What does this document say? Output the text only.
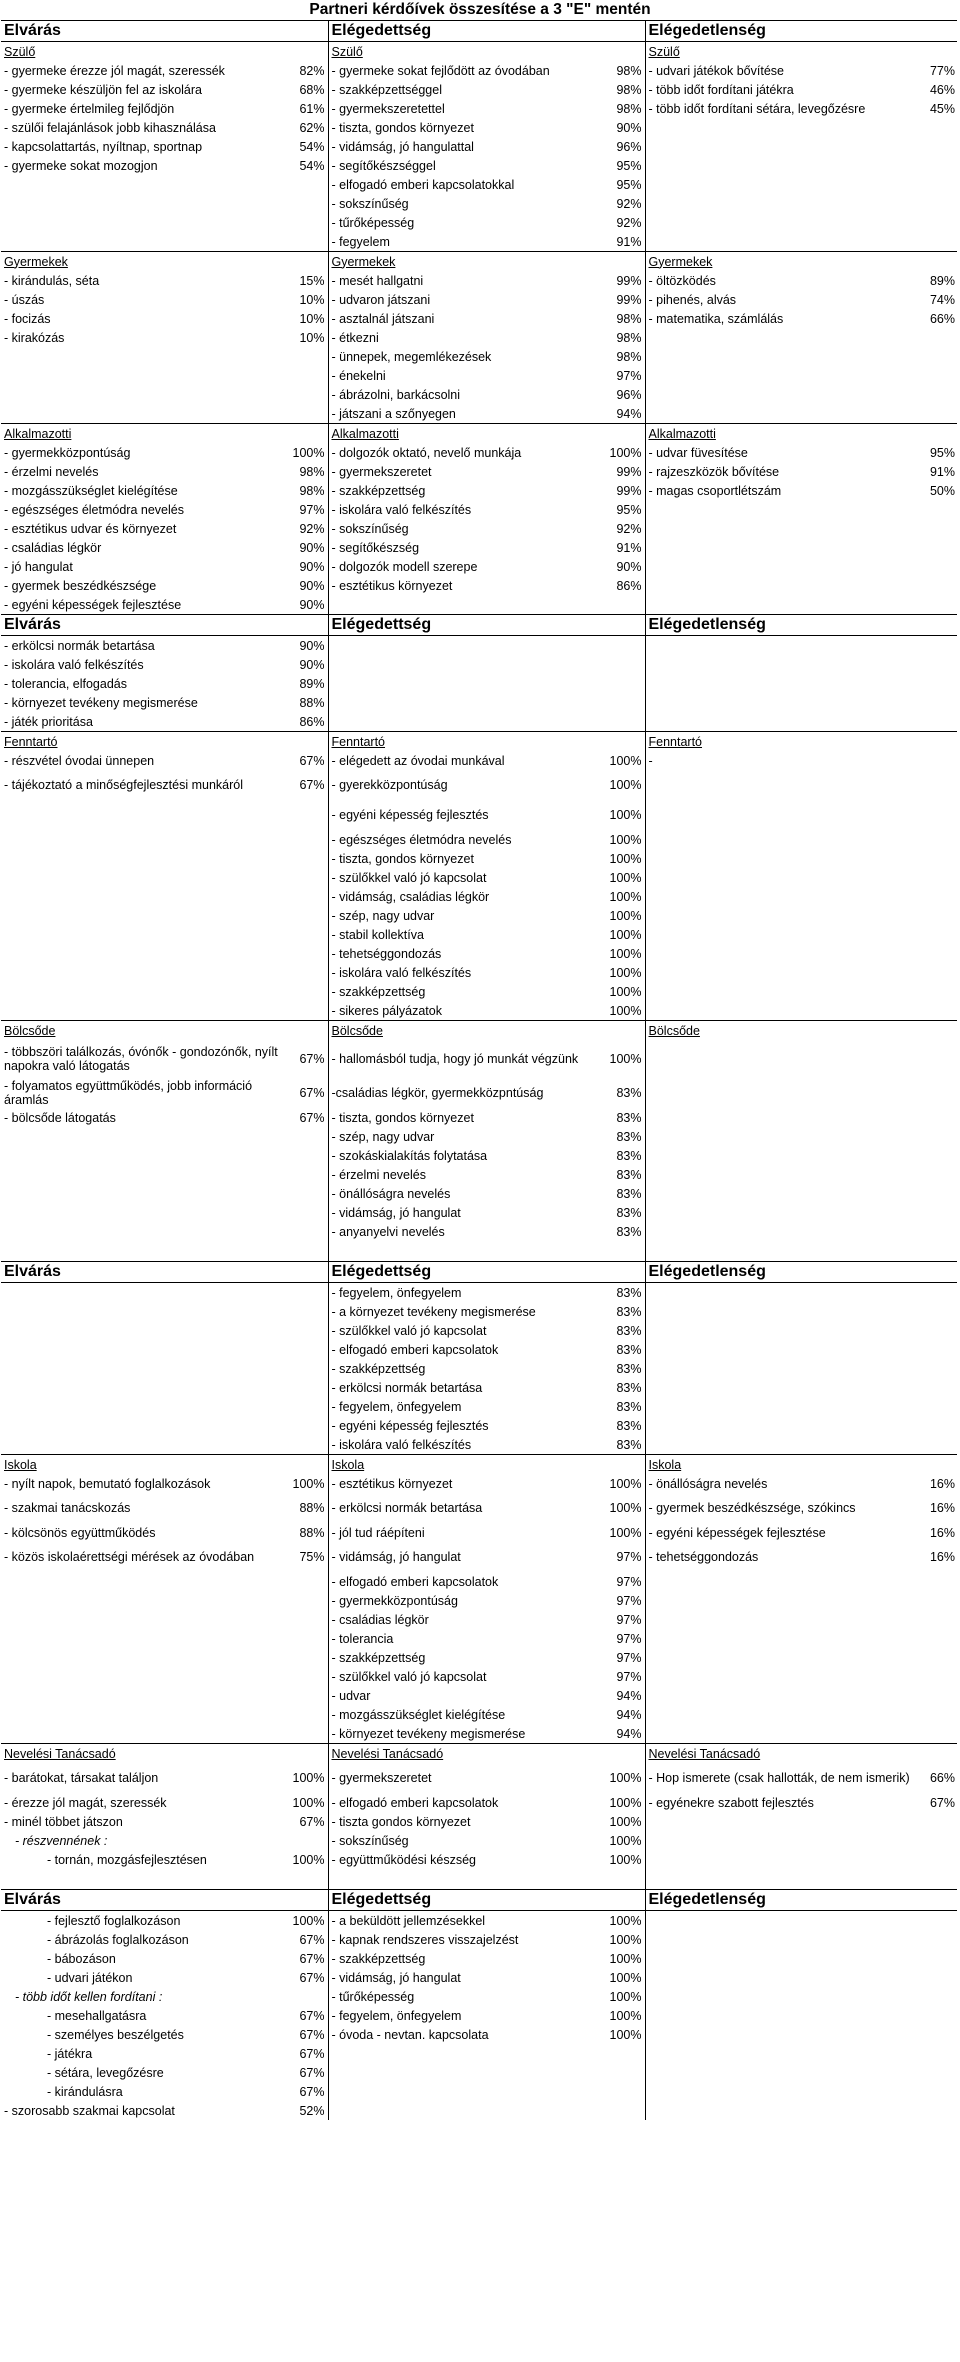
Partneri kérdőívek összesítése a 3 "E" mentén
Elvárás		Elégedettség		Elégedetlenség	
Szülő		Szülő		Szülő	
- gyermeke érezze jól magát, szeressék	82%	- gyermeke sokat fejlődött az óvodában	98%	- udvari játékok bővítése	77%
- gyermeke készüljön fel az iskolára	68%	- szakképzettséggel	98%	- több időt fordítani játékra	46%
- gyermeke értelmileg fejlődjön	61%	- gyermekszeretettel	98%	- több időt fordítani sétára, levegőzésre	45%
- szülői felajánlások jobb kihasználása	62%	- tiszta, gondos környezet	90%		
- kapcsolattartás, nyíltnap, sportnap	54%	- vidámság, jó hangulattal	96%		
- gyermeke sokat mozogjon	54%	- segítőkészséggel	95%		
		- elfogadó emberi kapcsolatokkal	95%		
		- sokszínűség	92%		
		- tűrőképesség	92%		
		- fegyelem	91%		
Gyermekek		Gyermekek		Gyermekek	
- kirándulás, séta	15%	- mesét hallgatni	99%	- öltözködés	89%
- úszás	10%	- udvaron játszani	99%	- pihenés, alvás	74%
- focizás	10%	- asztalnál játszani	98%	- matematika, számlálás	66%
- kirakózás	10%	- étkezni	98%		
		- ünnepek, megemlékezések	98%		
		- énekelni	97%		
		- ábrázolni, barkácsolni	96%		
		- játszani a szőnyegen	94%		
Alkalmazotti		Alkalmazotti		Alkalmazotti	
- gyermekközpontúság	100%	- dolgozók oktató, nevelő munkája	100%	- udvar füvesítése	95%
- érzelmi nevelés	98%	- gyermekszeretet	99%	- rajzeszközök bővítése	91%
- mozgásszükséglet kielégítése	98%	- szakképzettség	99%	- magas csoportlétszám	50%
- egészséges életmódra nevelés	97%	- iskolára való felkészítés	95%		
- esztétikus udvar és környezet	92%	- sokszínűség	92%		
- családias légkör	90%	- segítőkészség	91%		
- jó hangulat	90%	- dolgozók modell szerepe	90%		
- gyermek beszédkészsége	90%	- esztétikus környezet	86%		
- egyéni képességek fejlesztése	90%				
Elvárás		Elégedettség		Elégedetlenség	
- erkölcsi normák betartása	90%				
- iskolára való felkészítés	90%				
- tolerancia, elfogadás	89%				
- környezet tevékeny megismerése	88%				
- játék prioritása	86%				
Fenntartó		Fenntartó		Fenntartó	
- részvétel óvodai ünnepen	67%	- elégedett az óvodai munkával	100%	-	
- tájékoztató a minőségfejlesztési munkáról	67%	- gyerekközpontúság	100%		
		- egyéni képesség fejlesztés	100%		
		- egészséges életmódra nevelés	100%		
		- tiszta, gondos környezet	100%		
		- szülőkkel való jó kapcsolat	100%		
		- vidámság, családias légkör	100%		
		- szép, nagy udvar	100%		
		- stabil kollektíva	100%		
		- tehetséggondozás	100%		
		- iskolára való felkészítés	100%		
		- szakképzettség	100%		
		- sikeres pályázatok	100%		
Bölcsőde		Bölcsőde		Bölcsőde	
- többszöri találkozás, óvónők - gondozónők, nyílt napokra való látogatás	67%	- hallomásból tudja, hogy jó munkát végzünk	100%		
- folyamatos együttműködés, jobb információ áramlás	67%	-családias légkör, gyermekközpntúság	83%		
- bölcsőde látogatás	67%	- tiszta, gondos környezet	83%		
		- szép, nagy udvar	83%		
		- szokáskialakítás folytatása	83%		
		- érzelmi nevelés	83%		
		- önállóságra nevelés	83%		
		- vidámság, jó hangulat	83%		
		- anyanyelvi nevelés	83%		

Elvárás		Elégedettség		Elégedetlenség	
		- fegyelem, önfegyelem	83%		
		- a környezet tevékeny megismerése	83%		
		- szülőkkel való jó kapcsolat	83%		
		- elfogadó emberi kapcsolatok	83%		
		- szakképzettség	83%		
		- erkölcsi normák betartása	83%		
		- fegyelem, önfegyelem	83%		
		- egyéni képesség fejlesztés	83%		
		- iskolára való felkészítés	83%		
Iskola		Iskola		Iskola	
- nyílt napok, bemutató foglalkozások	100%	- esztétikus környezet	100%	- önállóságra nevelés	16%
- szakmai tanácskozás	88%	- erkölcsi normák betartása	100%	- gyermek beszédkészsége, szókincs	16%
- kölcsönös együttműködés	88%	- jól tud ráépíteni	100%	- egyéni képességek fejlesztése	16%
- közös iskolaérettségi mérések az óvodában	75%	- vidámság, jó hangulat	97%	- tehetséggondozás	16%
		- elfogadó emberi kapcsolatok	97%		
		- gyermekközpontúság	97%		
		- családias légkör	97%		
		- tolerancia	97%		
		- szakképzettség	97%		
		- szülőkkel való jó kapcsolat	97%		
		- udvar	94%		
		- mozgásszükséglet kielégítése	94%		
		- környezet tevékeny megismerése	94%		
Nevelési Tanácsadó		Nevelési Tanácsadó		Nevelési Tanácsadó	
- barátokat, társakat találjon	100%	- gyermekszeretet	100%	- Hop ismerete (csak hallották, de nem ismerik)	66%
- érezze jól magát, szeressék	100%	- elfogadó emberi kapcsolatok	100%	- egyénekre szabott fejlesztés	67%
- minél többet játszon	67%	- tiszta gondos környezet	100%		
- részvennének :		- sokszínűség	100%		
- tornán, mozgásfejlesztésen	100%	- együttműködési készség	100%		

Elvárás		Elégedettség		Elégedetlenség	
- fejlesztő foglalkozáson	100%	- a beküldött jellemzésekkel	100%		
- ábrázolás foglalkozáson	67%	- kapnak rendszeres visszajelzést	100%		
- bábozáson	67%	- szakképzettség	100%		
- udvari játékon	67%	- vidámság, jó hangulat	100%		
- több időt kellen fordítani :		- tűrőképesség	100%		
- mesehallgatásra	67%	- fegyelem, önfegyelem	100%		
- személyes beszélgetés	67%	- óvoda - nevtan. kapcsolata	100%		
- játékra	67%				
- sétára, levegőzésre	67%				
- kirándulásra	67%				
- szorosabb szakmai kapcsolat	52%				
